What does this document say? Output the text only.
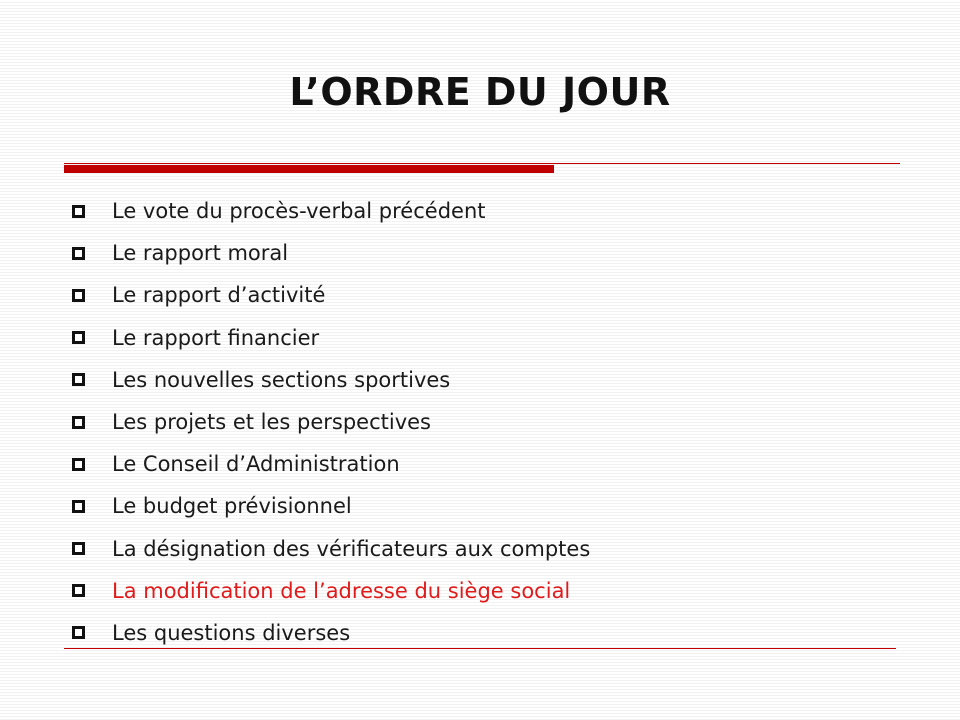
L’ORDRE DU JOUR
Le vote du procès-verbal précédent
Le rapport moral
Le rapport d’activité
Le rapport financier
Les nouvelles sections sportives
Les projets et les perspectives
Le Conseil d’Administration
Le budget prévisionnel
La désignation des vérificateurs aux comptes
La modification de l’adresse du siège social
Les questions diverses
